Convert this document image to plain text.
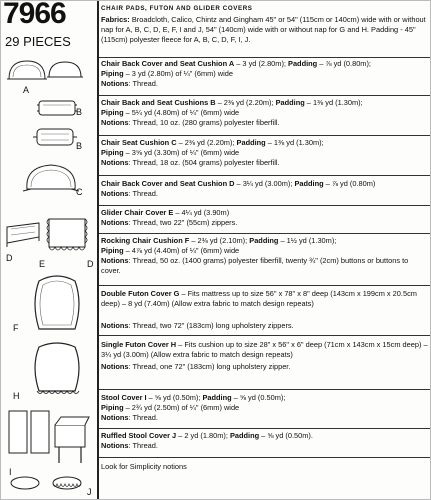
7966
29 PIECES
A
B
B
C
D
D
E
F
H
I
J
CHAIR PADS, FUTON AND GLIDER COVERS
Fabrics: Broadcloth, Calico, Chintz and Gingham 45" or 54" (115cm or 140cm) wide with or without nap for A, B, C, D, E, F, I and J, 54" (140cm) wide with or without nap for G and H. Padding - 45" (115cm) polyester fleece for A, B, C, D, F, I, J.
Chair Back Cover and Seat Cushion A – 3 yd (2.80m); Padding – ⅞ yd (0.80m);
Piping – 3 yd (2.80m) of ¼" (6mm) wide
Notions: Thread.
Chair Back and Seat Cushions B – 2⅜ yd (2.20m); Padding – 1⅜ yd (1.30m);
Piping – 5¼ yd (4.80m) of ¼" (6mm) wide
Notions: Thread, 10 oz. (280 grams) polyester fiberfill.
Chair Seat Cushion C – 2⅜ yd (2.20m); Padding – 1⅜ yd (1.30m);
Piping – 3⅝ yd (3.30m) of ¼" (6mm) wide
Notions: Thread, 18 oz. (504 grams) polyester fiberfill.
Chair Back Cover and Seat Cushion D – 3¼ yd (3.00m); Padding – ⅞ yd (0.80m)
Notions: Thread.
Glider Chair Cover E – 4¼ yd (3.90m)
Notions: Thread, two 22" (55cm) zippers.
Rocking Chair Cushion F – 2⅜ yd (2.10m); Padding – 1½ yd (1.30m);
Piping – 4⅞ yd (4.40m) of ¼" (6mm) wide
Notions: Thread, 50 oz. (1400 grams) polyester fiberfill, twenty ¾" (2cm) buttons or buttons to cover.
Double Futon Cover G – Fits mattress up to size 56" x 78" x 8" deep (143cm x 199cm x 20.5cm deep) – 8 yd (7.40m) (Allow extra fabric to match design repeats)
Notions: Thread, two 72" (183cm) long upholstery zippers.
Single Futon Cover H – Fits cushion up to size 28" x 56" x 6" deep (71cm x 143cm x 15cm deep) – 3¼ yd (3.00m) (Allow extra fabric to match design repeats)
Notions: Thread, one 72" (183cm) long upholstery zipper.
Stool Cover I – ⅝ yd (0.50m); Padding – ⅝ yd (0.50m);
Piping – 2¾ yd (2.50m) of ¼" (6mm) wide
Notions: Thread.
Ruffled Stool Cover J – 2 yd (1.80m); Padding – ⅝ yd (0.50m).
Notions: Thread.
Look for Simplicity notions
